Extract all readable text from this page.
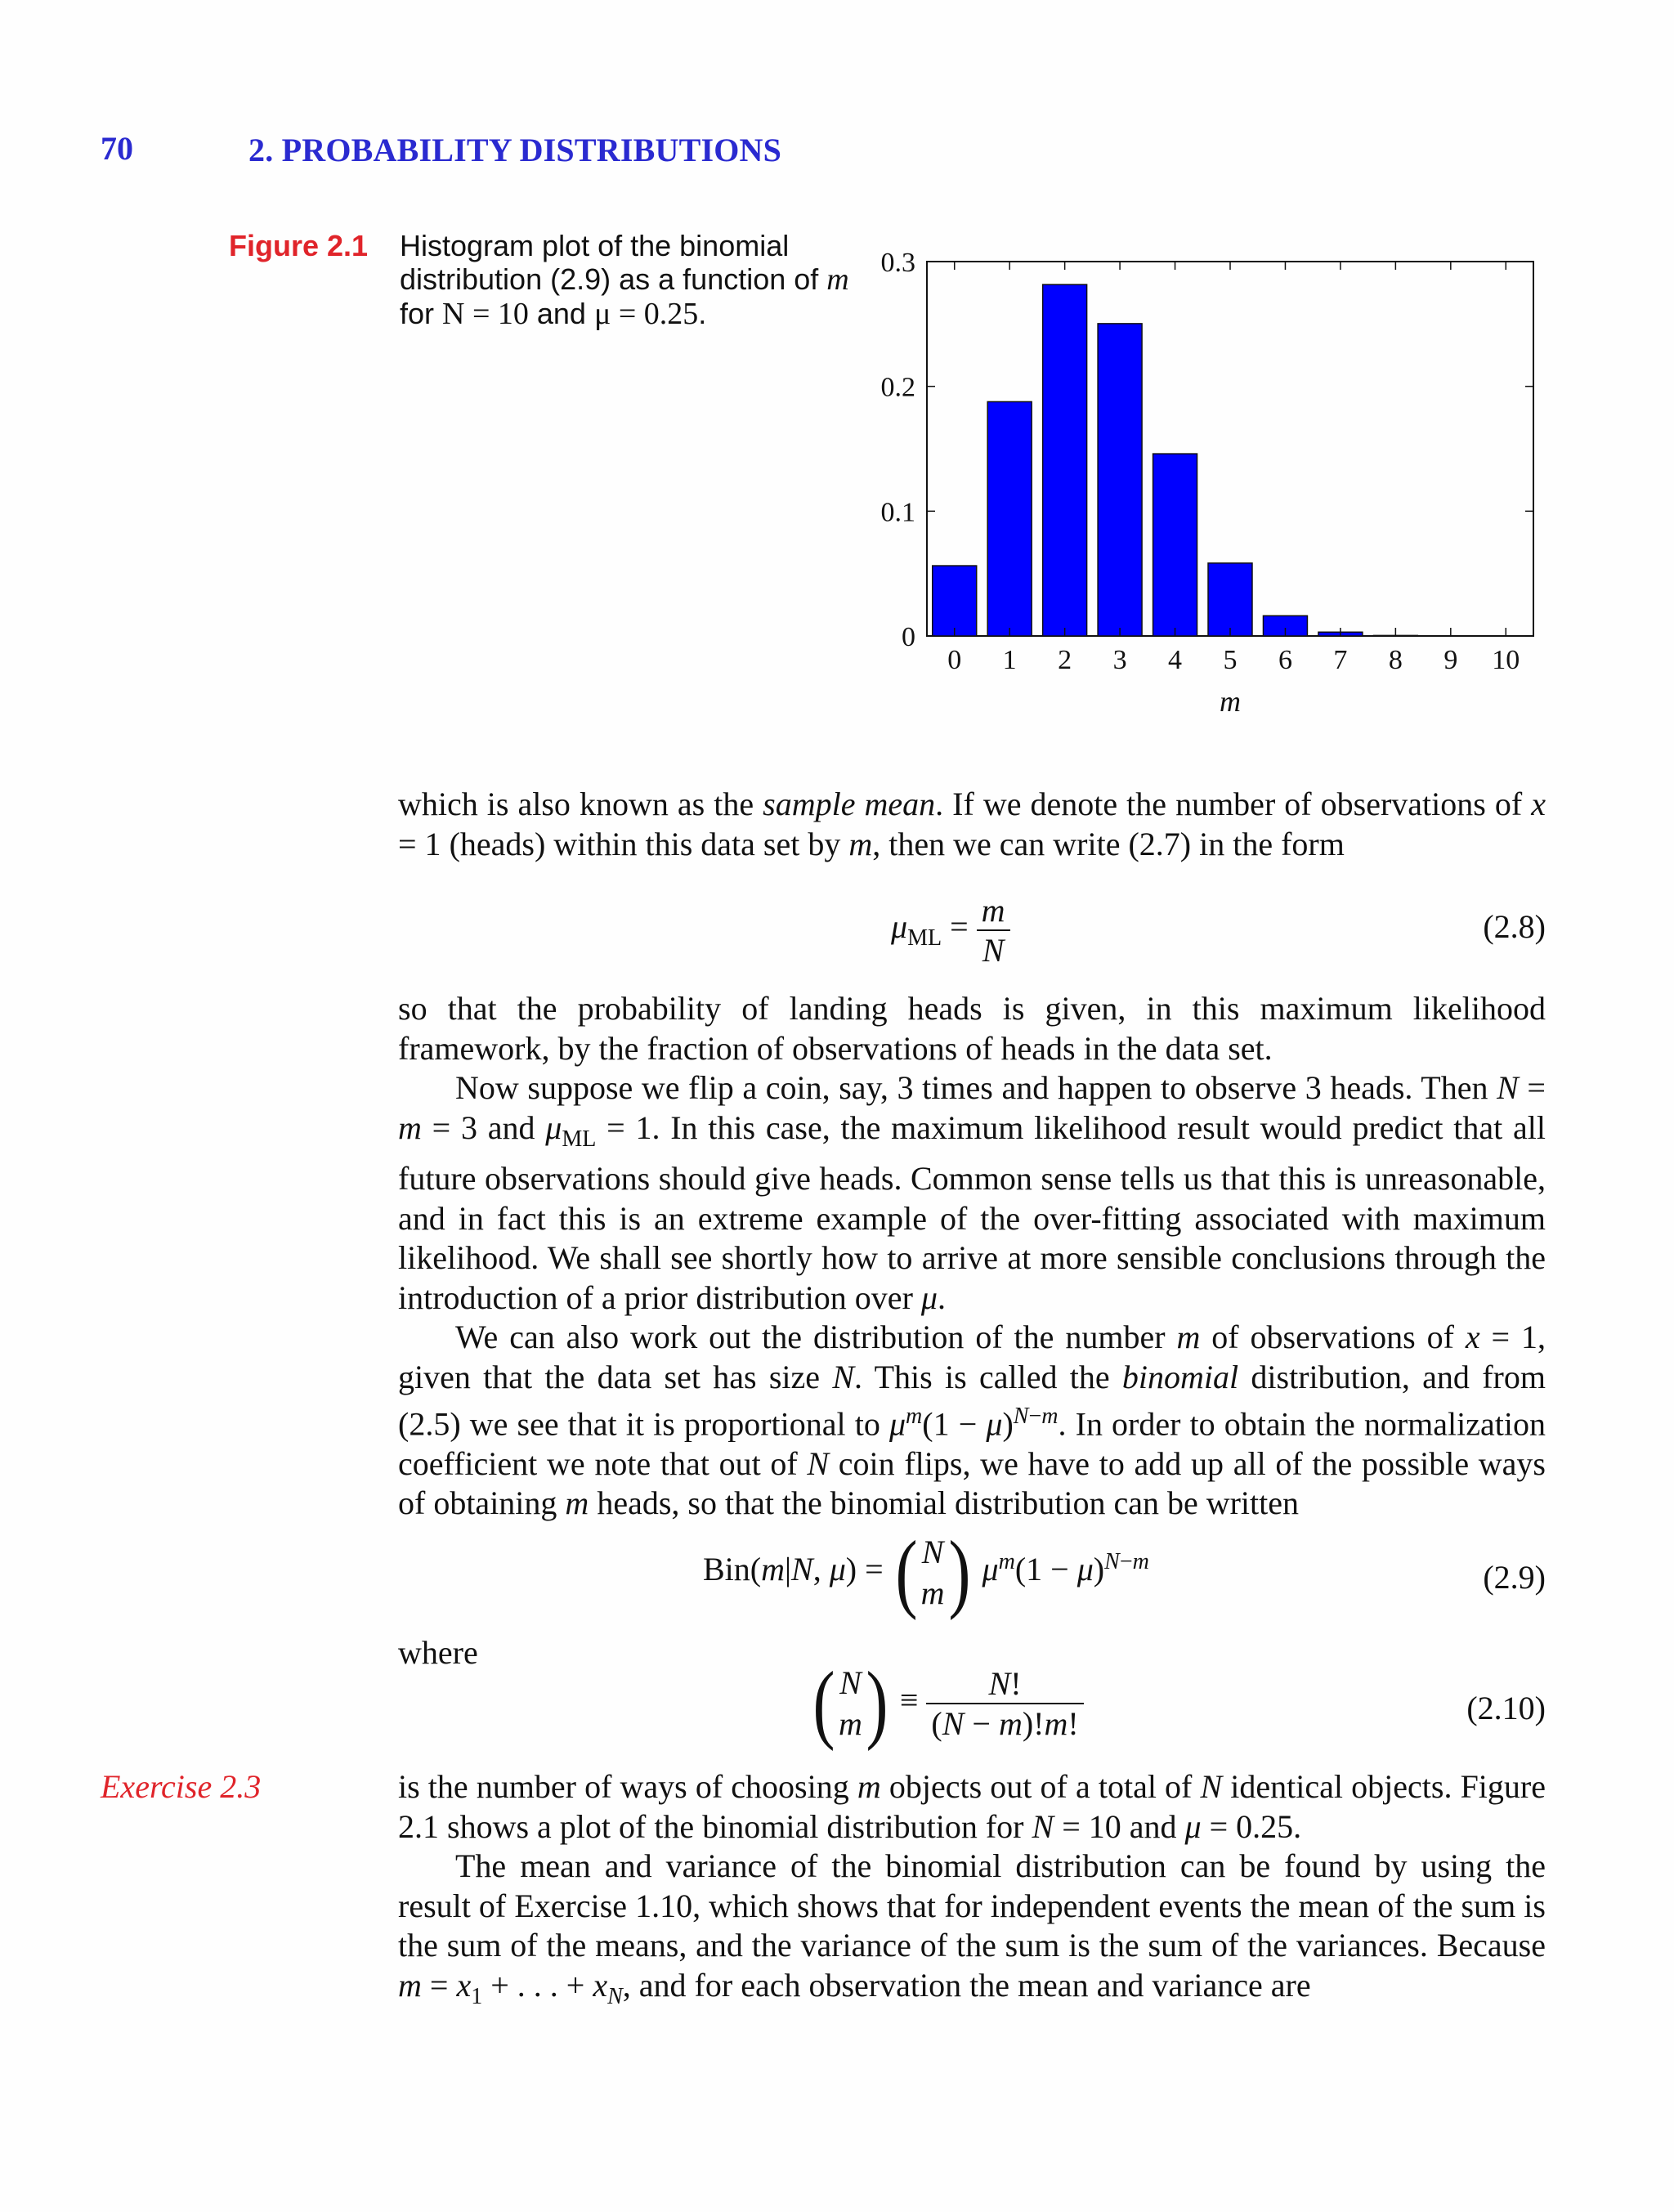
70	2. PROBABILITY DISTRIBUTIONS
Figure 2.1 Histogram plot of the binomial distribution (2.9) as a function of m for N = 10 and μ = 0.25.
0 1 2 3 4 5 6 7 8 9 10
0
0.1
0.2
0.3
m

which is also known as the sample mean. If we denote the number of observations of x = 1 (heads) within this data set by m, then we can write (2.7) in the form

$\mu_{ML} = \frac{m}{N}$	(2.8)

so that the probability of landing heads is given, in this maximum likelihood framework, by the fraction of observations of heads in the data set.

Now suppose we flip a coin, say, 3 times and happen to observe 3 heads. Then N = m = 3 and $\mu_{ML} = 1$. In this case, the maximum likelihood result would predict that all future observations should give heads. Common sense tells us that this is unreasonable, and in fact this is an extreme example of the over-fitting associated with maximum likelihood. We shall see shortly how to arrive at more sensible conclusions through the introduction of a prior distribution over μ.

We can also work out the distribution of the number m of observations of x = 1, given that the data set has size N. This is called the binomial distribution, and from (2.5) we see that it is proportional to $\mu^m(1 - \mu)^{N-m}$. In order to obtain the normalization coefficient we note that out of N coin flips, we have to add up all of the possible ways of obtaining m heads, so that the binomial distribution can be written

Bin(m|N, μ) = ( N
m ) $\mu^m(1 - \mu)^{N-m}$	(2.9)
where
( N
m ) ≡ $\frac{N!}{(N - m)!m!}$	(2.10)
Exercise 2.3	is the number of ways of choosing m objects out of a total of N identical objects. Figure 2.1 shows a plot of the binomial distribution for N = 10 and μ = 0.25.

The mean and variance of the binomial distribution can be found by using the result of Exercise 1.10, which shows that for independent events the mean of the sum is the sum of the means, and the variance of the sum is the sum of the variances. Because $m = x_1$ + . . . + $x_N$, and for each observation the mean and variance are
